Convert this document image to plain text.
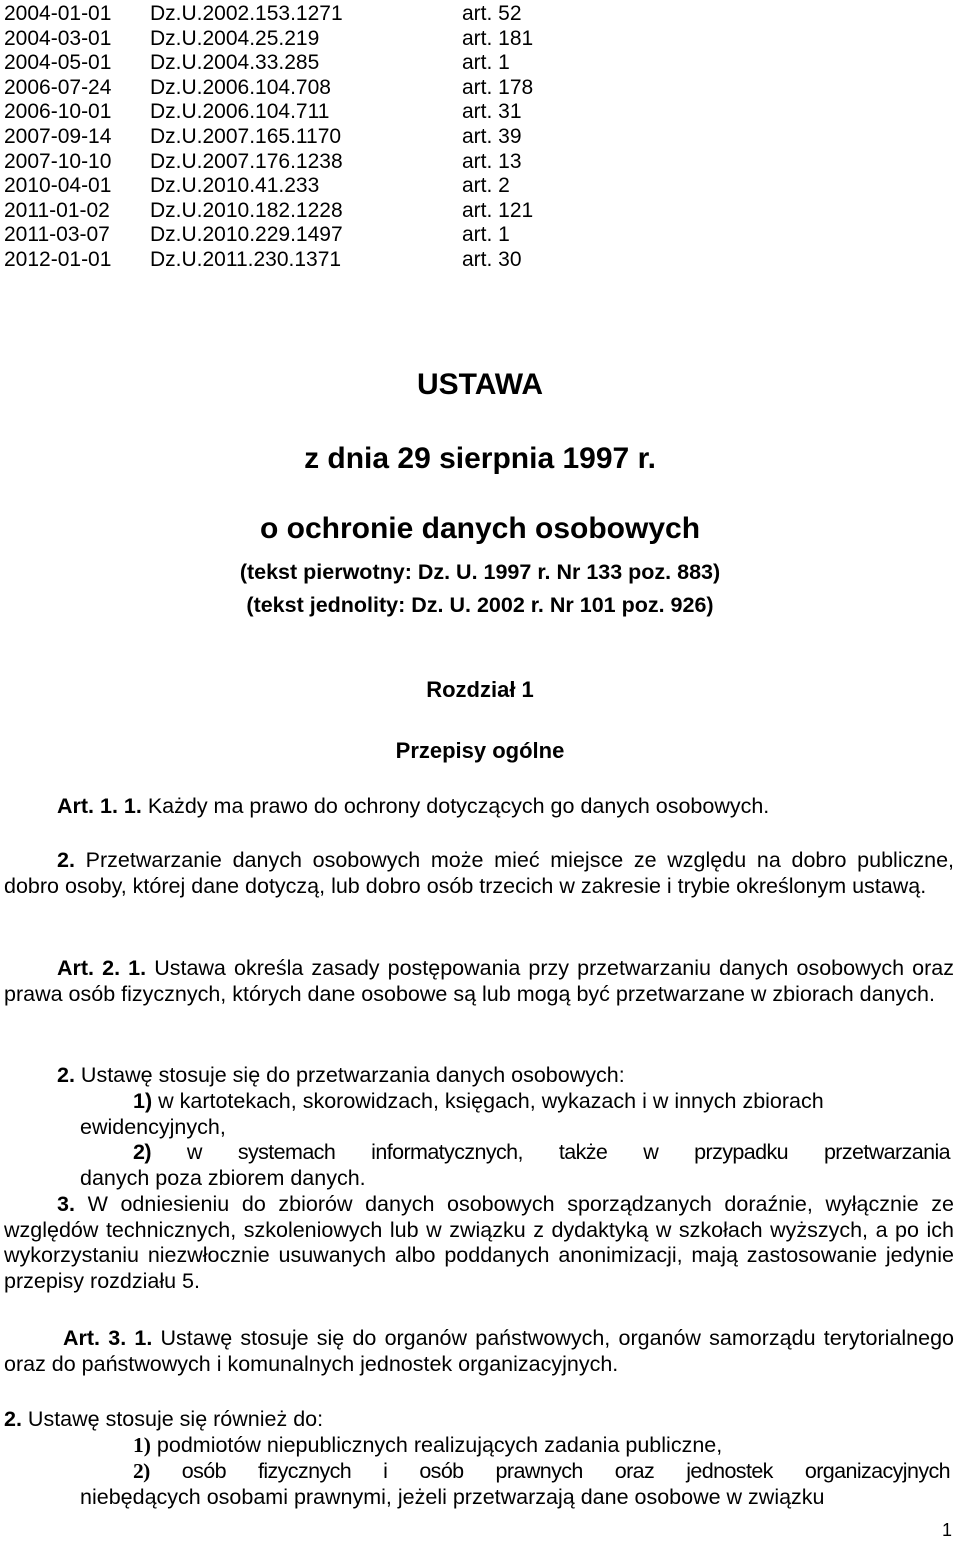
2004-01-01	Dz.U.2002.153.1271	art. 52
2004-03-01	Dz.U.2004.25.219	art. 181
2004-05-01	Dz.U.2004.33.285	art. 1
2006-07-24	Dz.U.2006.104.708	art. 178
2006-10-01	Dz.U.2006.104.711	art. 31
2007-09-14	Dz.U.2007.165.1170	art. 39
2007-10-10	Dz.U.2007.176.1238	art. 13
2010-04-01	Dz.U.2010.41.233	art. 2
2011-01-02	Dz.U.2010.182.1228	art. 121
2011-03-07	Dz.U.2010.229.1497	art. 1
2012-01-01	Dz.U.2011.230.1371	art. 30
USTAWA
z dnia 29 sierpnia 1997 r.
o ochronie danych osobowych
(tekst pierwotny: Dz. U. 1997 r. Nr 133 poz. 883)
(tekst jednolity: Dz. U. 2002 r. Nr 101 poz. 926)
Rozdział 1
Przepisy ogólne
Art. 1. 1. Każdy ma prawo do ochrony dotyczących go danych osobowych.
2. Przetwarzanie danych osobowych może mieć miejsce ze względu na dobro publiczne, dobro osoby, której dane dotyczą, lub dobro osób trzecich w zakresie i trybie określonym ustawą.
Art. 2. 1. Ustawa określa zasady postępowania przy przetwarzaniu danych osobowych oraz prawa osób fizycznych, których dane osobowe są lub mogą być przetwarzane w zbiorach danych.
2. Ustawę stosuje się do przetwarzania danych osobowych:
1) w kartotekach, skorowidzach, księgach, wykazach i w innych zbiorach ewidencyjnych,
2) w systemach informatycznych, także w przypadku przetwarzania
danych poza zbiorem danych.
3. W odniesieniu do zbiorów danych osobowych sporządzanych doraźnie, wyłącznie ze względów technicznych, szkoleniowych lub w związku z dydaktyką w szkołach wyższych, a po ich wykorzystaniu niezwłocznie usuwanych albo poddanych anonimizacji, mają zastosowanie jedynie przepisy rozdziału 5.
Art. 3. 1. Ustawę stosuje się do organów państwowych, organów samorządu terytorialnego oraz do państwowych i komunalnych jednostek organizacyjnych.
2. Ustawę stosuje się również do:
1) podmiotów niepublicznych realizujących zadania publiczne,
2) osób fizycznych i osób prawnych oraz jednostek organizacyjnych
niebędących osobami prawnymi, jeżeli przetwarzają dane osobowe w związku
1
